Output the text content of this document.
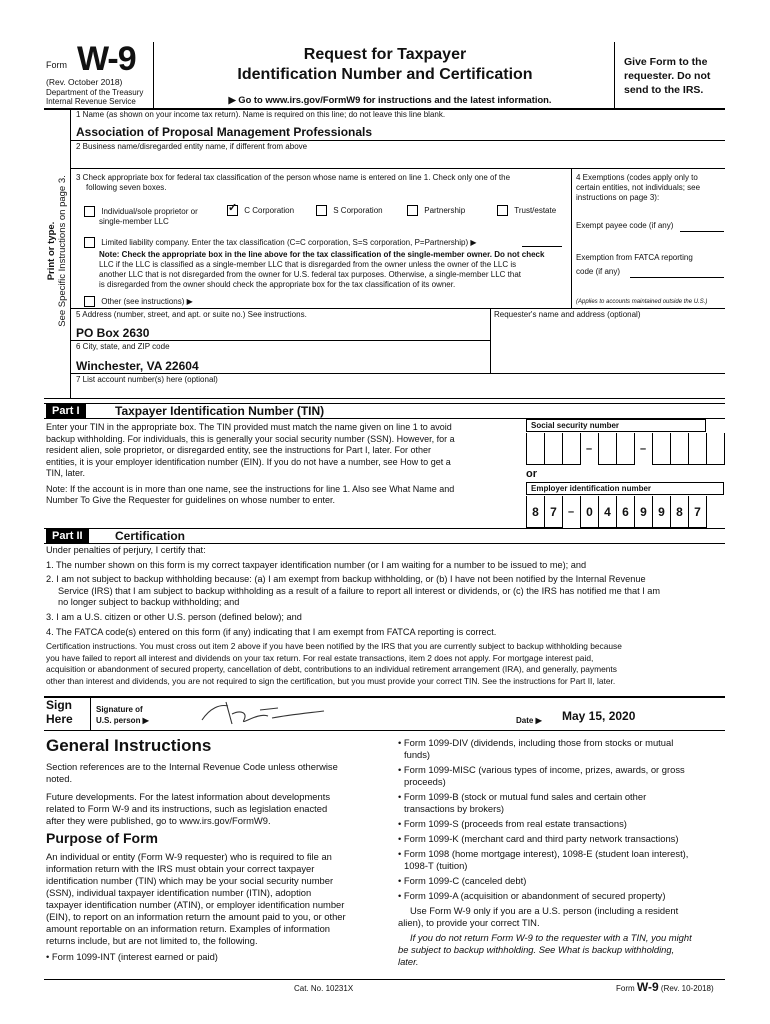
Form W-9
(Rev. October 2018)
Department of the Treasury
Internal Revenue Service
Request for Taxpayer
Identification Number and Certification
▶ Go to www.irs.gov/FormW9 for instructions and the latest information.
Give Form to the
requester. Do not
send to the IRS.
Print or type. See Specific Instructions on page 3.
1 Name (as shown on your income tax return). Name is required on this line; do not leave this line blank.
Association of Proposal Management Professionals
2 Business name/disregarded entity name, if different from above
3 Check appropriate box for federal tax classification of the person whose name is entered on line 1. Check only one of the
following seven boxes.
Individual/sole proprietor or
single-member LLC
✓ C Corporation	S Corporation	Partnership	Trust/estate
Limited liability company. Enter the tax classification (C=C corporation, S=S corporation, P=Partnership) ▶
Note: Check the appropriate box in the line above for the tax classification of the single-member owner. Do not check
LLC if the LLC is classified as a single-member LLC that is disregarded from the owner unless the owner of the LLC is
another LLC that is not disregarded from the owner for U.S. federal tax purposes. Otherwise, a single-member LLC that
is disregarded from the owner should check the appropriate box for the tax classification of its owner.
Other (see instructions) ▶
4 Exemptions (codes apply only to
certain entities, not individuals; see
instructions on page 3):
Exempt payee code (if any)
Exemption from FATCA reporting
code (if any)
(Applies to accounts maintained outside the U.S.)
5 Address (number, street, and apt. or suite no.) See instructions.	Requester's name and address (optional)
PO Box 2630
6 City, state, and ZIP code
Winchester, VA 22604
7 List account number(s) here (optional)
Part I	Taxpayer Identification Number (TIN)
Enter your TIN in the appropriate box. The TIN provided must match the name given on line 1 to avoid
backup withholding. For individuals, this is generally your social security number (SSN). However, for a
resident alien, sole proprietor, or disregarded entity, see the instructions for Part I, later. For other
entities, it is your employer identification number (EIN). If you do not have a number, see How to get a
TIN, later.
Note: If the account is in more than one name, see the instructions for line 1. Also see What Name and
Number To Give the Requester for guidelines on whose number to enter.
Social security number
–	–
or
Employer identification number
8 7	–	0 4 6 9 9 8 7
Part II	Certification
Under penalties of perjury, I certify that:
1. The number shown on this form is my correct taxpayer identification number (or I am waiting for a number to be issued to me); and
2. I am not subject to backup withholding because: (a) I am exempt from backup withholding, or (b) I have not been notified by the Internal Revenue
Service (IRS) that I am subject to backup withholding as a result of a failure to report all interest or dividends, or (c) the IRS has notified me that I am
no longer subject to backup withholding; and
3. I am a U.S. citizen or other U.S. person (defined below); and
4. The FATCA code(s) entered on this form (if any) indicating that I am exempt from FATCA reporting is correct.
Certification instructions. You must cross out item 2 above if you have been notified by the IRS that you are currently subject to backup withholding because
you have failed to report all interest and dividends on your tax return. For real estate transactions, item 2 does not apply. For mortgage interest paid,
acquisition or abandonment of secured property, cancellation of debt, contributions to an individual retirement arrangement (IRA), and generally, payments
other than interest and dividends, you are not required to sign the certification, but you must provide your correct TIN. See the instructions for Part II, later.
Sign
Here
Signature of
U.S. person ▶	Date ▶ May 15, 2020
General Instructions
Section references are to the Internal Revenue Code unless otherwise
noted.
Future developments. For the latest information about developments
related to Form W-9 and its instructions, such as legislation enacted
after they were published, go to www.irs.gov/FormW9.
Purpose of Form
An individual or entity (Form W-9 requester) who is required to file an
information return with the IRS must obtain your correct taxpayer
identification number (TIN) which may be your social security number
(SSN), individual taxpayer identification number (ITIN), adoption
taxpayer identification number (ATIN), or employer identification number
(EIN), to report on an information return the amount paid to you, or other
amount reportable on an information return. Examples of information
returns include, but are not limited to, the following.
• Form 1099-INT (interest earned or paid)
• Form 1099-DIV (dividends, including those from stocks or mutual
funds)
• Form 1099-MISC (various types of income, prizes, awards, or gross
proceeds)
• Form 1099-B (stock or mutual fund sales and certain other
transactions by brokers)
• Form 1099-S (proceeds from real estate transactions)
• Form 1099-K (merchant card and third party network transactions)
• Form 1098 (home mortgage interest), 1098-E (student loan interest),
1098-T (tuition)
• Form 1099-C (canceled debt)
• Form 1099-A (acquisition or abandonment of secured property)
Use Form W-9 only if you are a U.S. person (including a resident
alien), to provide your correct TIN.
If you do not return Form W-9 to the requester with a TIN, you might
be subject to backup withholding. See What is backup withholding,
later.
Cat. No. 10231X	Form W-9 (Rev. 10-2018)
